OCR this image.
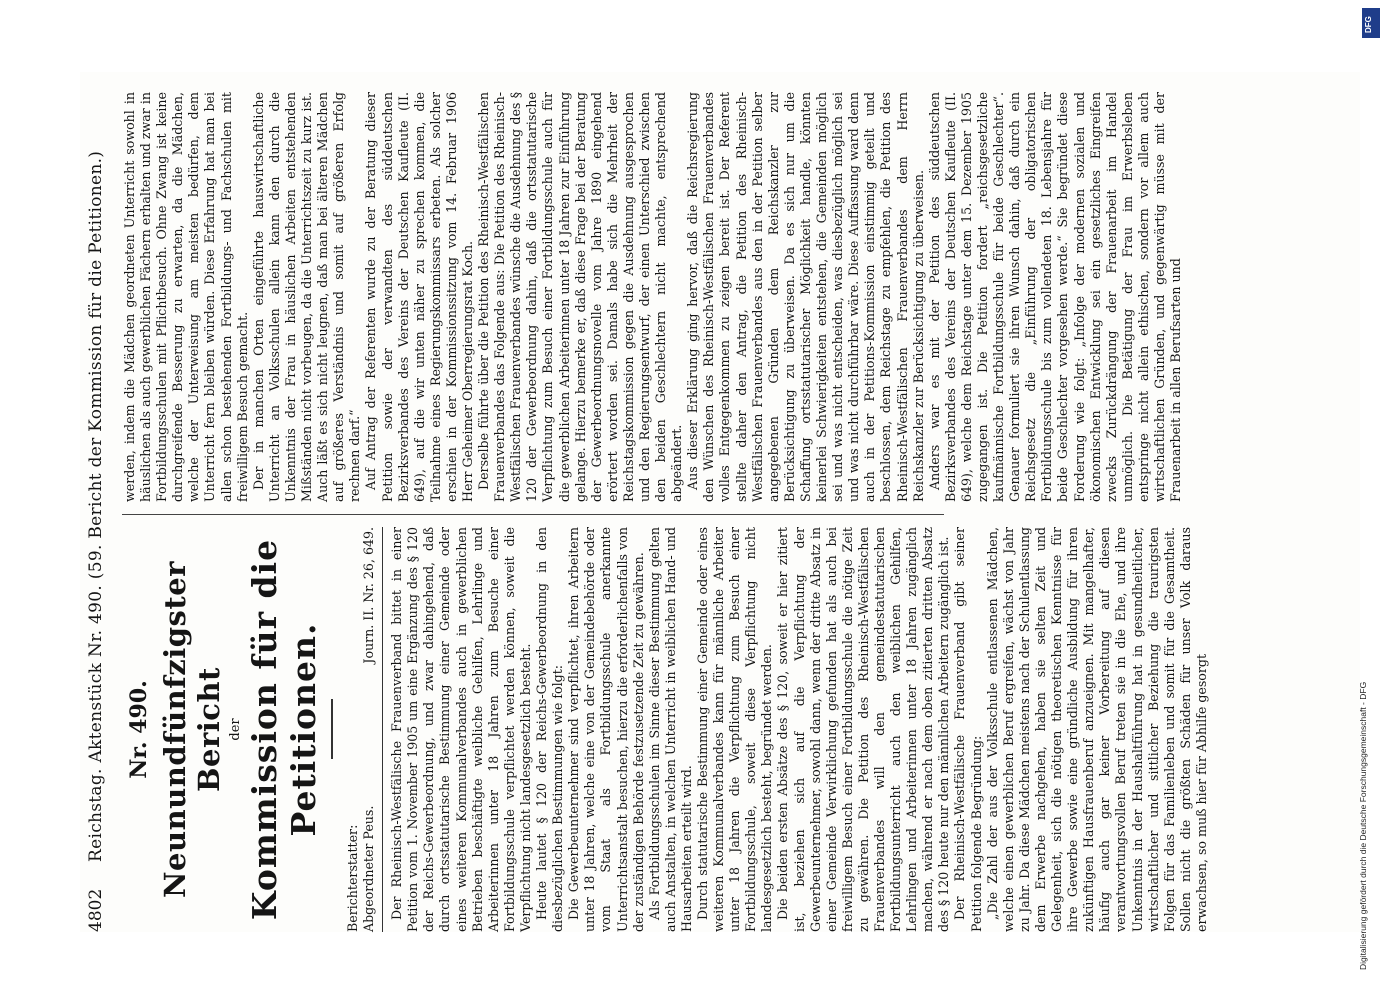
4802
Reichstag. Aktenstück Nr. 490. (59. Bericht der Kommission für die Petitionen.) Nr. 490. Neunundfünfzigster Bericht der Kommission für die Petitionen.
Berichterstatter: Abgeordneter Peus.
Journ. II. Nr. 26, 649. Der Rheinisch-Westfälische Frauenverband bittet in einer Petition vom 1. November 1905 um eine Ergänzung des § 120 der Reichs-Gewerbeordnung, und zwar dahingehend, daß durch ortsstatutarische Bestimmung einer Gemeinde oder eines weiteren Kommunalverbandes auch in gewerblichen Betrieben beschäftigte weibliche Gehilfen, Lehrlinge und Arbeiterinnen unter 18 Jahren zum Besuche einer Fortbildungsschule verpflichtet werden können, soweit die Verpflichtung nicht landesgesetzlich besteht. Heute lautet § 120 der Reichs-Gewerbeordnung in den diesbezüglichen Bestimmungen wie folgt: Die Gewerbeunternehmer sind verpflichtet, ihren Arbeitern unter 18 Jahren, welche eine von der Gemeindebehörde oder vom Staat als Fortbildungsschule anerkannte Unterrichtsanstalt besuchen, hierzu die erforderlichenfalls von der zuständigen Behörde festzusetzende Zeit zu gewähren. Als Fortbildungsschulen im Sinne dieser Bestimmung gelten auch Anstalten, in welchen Unterricht in weiblichen Hand- und Hausarbeiten erteilt wird. Durch statutarische Bestimmung einer Gemeinde oder eines weiteren Kommunalverbandes kann für männliche Arbeiter unter 18 Jahren die Verpflichtung zum Besuch einer Fortbildungsschule, soweit diese Verpflichtung nicht landesgesetzlich besteht, begründet werden. Die beiden ersten Absätze des § 120, soweit er hier zitiert ist, beziehen sich auf die Verpflichtung der Gewerbeunternehmer, sowohl dann, wenn der dritte Absatz in einer Gemeinde Verwirklichung gefunden hat als auch bei freiwilligem Besuch einer Fortbildungsschule die nötige Zeit zu gewähren. Die Petition des Rheinisch-Westfälischen Frauenverbandes will den gemeindestatutarischen Fortbildungsunterricht auch den weiblichen Gehilfen, Lehrlingen und Arbeiterinnen unter 18 Jahren zugänglich machen, während er nach dem oben zitierten dritten Absatz des § 120 heute nur den männlichen Arbeitern zugänglich ist. Der Rheinisch-Westfälische Frauenverband gibt seiner Petition folgende Begründung: „Die Zahl der aus der Volksschule entlassenen Mädchen, welche einen gewerblichen Beruf ergreifen, wächst von Jahr zu Jahr. Da diese Mädchen meistens nach der Schulentlassung dem Erwerbe nachgehen, haben sie selten Zeit und Gelegenheit, sich die nötigen theoretischen Kenntnisse für ihre Gewerbe sowie eine gründliche Ausbildung für ihren zukünftigen Hausfrauenberuf anzueignen. Mit mangelhafter, häufig auch gar keiner Vorbereitung auf diesen verantwortungsvollen Beruf treten sie in die Ehe, und ihre Unkenntnis in der Haushaltführung hat in gesundheitlicher, wirtschaftlicher und sittlicher Beziehung die traurigsten Folgen für das Familienleben und somit für die Gesamtheit. Sollen nicht die größten Schäden für unser Volk daraus erwachsen, so muß hier für Abhilfe gesorgt

werden, indem die Mädchen geordneten Unterricht sowohl in häuslichen als auch gewerblichen Fächern erhalten und zwar in Fortbildungsschulen mit Pflichtbesuch. Ohne Zwang ist keine durchgreifende Besserung zu erwarten, da die Mädchen, welche der Unterweisung am meisten bedürfen, dem Unterricht fern bleiben würden. Diese Erfahrung hat man bei allen schon bestehenden Fortbildungs- und Fachschulen mit freiwilligem Besuch gemacht. Der in manchen Orten eingeführte hauswirtschaftliche Unterricht an Volksschulen allein kann den durch die Unkenntnis der Frau in häuslichen Arbeiten entstehenden Mißständen nicht vorbeugen, da die Unterrichtszeit zu kurz ist. Auch läßt es sich nicht leugnen, daß man bei älteren Mädchen auf größeres Verständnis und somit auf größeren Erfolg rechnen darf.“ Auf Antrag der Referenten wurde zu der Beratung dieser Petition sowie der verwandten des süddeutschen Bezirksverbandes des Vereins der Deutschen Kaufleute (II. 649), auf die wir unten näher zu sprechen kommen, die Teilnahme eines Regierungskommissars erbeten. Als solcher erschien in der Kommissionssitzung vom 14. Februar 1906 Herr Geheimer Oberregierungsrat Koch. Derselbe führte über die Petition des Rheinisch-Westfälischen Frauenverbandes das Folgende aus: Die Petition des Rheinisch-Westfälischen Frauenverbandes wünsche die Ausdehnung des § 120 der Gewerbeordnung dahin, daß die ortsstatutarische Verpflichtung zum Besuch einer Fortbildungsschule auch für die gewerblichen Arbeiterinnen unter 18 Jahren zur Einführung gelange. Hierzu bemerke er, daß diese Frage bei der Beratung der Gewerbeordnungsnovelle vom Jahre 1890 eingehend erörtert worden sei. Damals habe sich die Mehrheit der Reichstagskommission gegen die Ausdehnung ausgesprochen und den Regierungsentwurf, der einen Unterschied zwischen den beiden Geschlechtern nicht machte, entsprechend abgeändert. Aus dieser Erklärung ging hervor, daß die Reichsregierung den Wünschen des Rheinisch-Westfälischen Frauenverbandes volles Entgegenkommen zu zeigen bereit ist. Der Referent stellte daher den Antrag, die Petition des Rheinisch-Westfälischen Frauenverbandes aus den in der Petition selber angegebenen Gründen dem Reichskanzler zur Berücksichtigung zu überweisen. Da es sich nur um die Schaffung ortsstatutarischer Möglichkeit handle, könnten keinerlei Schwierigkeiten entstehen, die Gemeinden möglich sei und was nicht entscheiden, was diesbezüglich möglich sei und was nicht durchführbar wäre. Diese Auffassung ward denn auch in der Petitions-Kommission einstimmig geteilt und beschlossen, dem Reichstage zu empfehlen, die Petition des Rheinisch-Westfälischen Frauenverbandes dem Herrn Reichskanzler zur Berücksichtigung zu überweisen. Anders war es mit der Petition des süddeutschen Bezirksverbandes des Vereins der Deutschen Kaufleute (II. 649), welche dem Reichstage unter dem 15. Dezember 1905 zugegangen ist. Die Petition fordert „reichsgesetzliche kaufmännische Fortbildungsschule für beide Geschlechter“. Genauer formuliert sie ihren Wunsch dahin, daß durch ein Reichsgesetz die „Einführung der obligatorischen Fortbildungsschule bis zum vollendeten 18. Lebensjahre für beide Geschlechter vorgesehen werde.“ Sie begründet diese Forderung wie folgt: „Infolge der modernen sozialen und ökonomischen Entwicklung sei ein gesetzliches Eingreifen zwecks Zurückdrängung der Frauenarbeit im Handel unmöglich. Die Betätigung der Frau im Erwerbsleben entspringe nicht allein ethischen, sondern vor allem auch wirtschaftlichen Gründen, und gegenwärtig müsse mit der Frauenarbeit in allen Berufsarten und

DFG
Digitalisierung gefördert durch die Deutsche Forschungsgemeinschaft - DFG
